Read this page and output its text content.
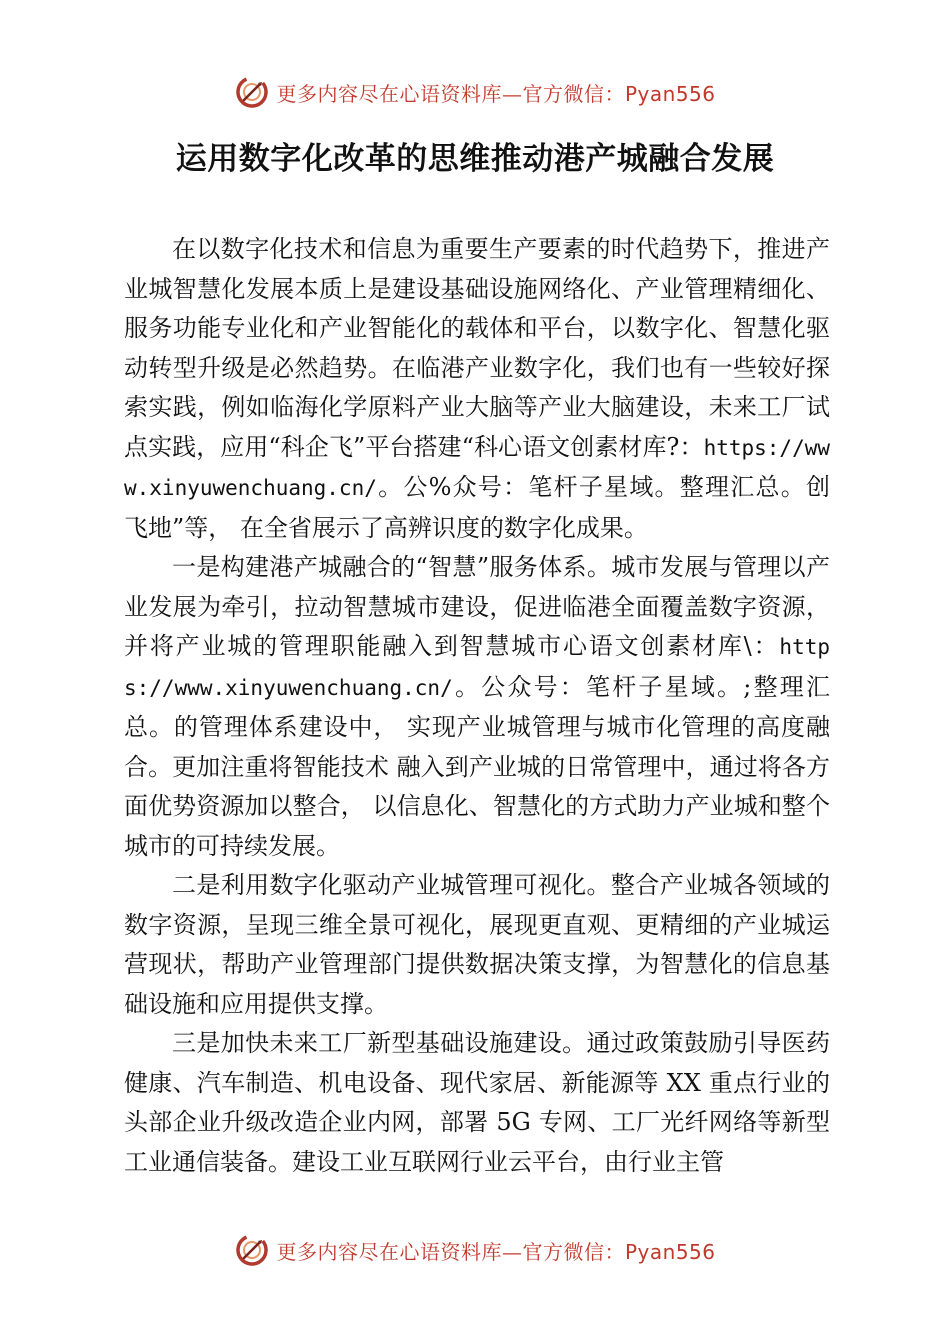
更多内容尽在心语资料库—官方微信：Pyan556
运用数字化改革的思维推动港产城融合发展

在以数字化技术和信息为重要生产要素的时代趋势下，推进产业城智慧化发展本质上是建设基础设施网络化、产业管理精细化、服务功能专业化和产业智能化的载体和平台，以数字化、智慧化驱动转型升级是必然趋势。在临港产业数字化，我们也有一些较好探索实践，例如临海化学原料产业大脑等产业大脑建设，未来工厂试点实践，应用“科企飞”平台搭建“科心语文创素材库?：https://www.xinyuwenchuang.cn/。公%众号：笔杆子星域。整理汇总。创飞地”等， 在全省展示了高辨识度的数字化成果。

一是构建港产城融合的“智慧”服务体系。城市发展与管理以产业发展为牵引，拉动智慧城市建设，促进临港全面覆盖数字资源，并将产业城的管理职能融入到智慧城市心语文创素材库\：https://www.xinyuwenchuang.cn/。公众号：笔杆子星域。;整理汇总。的管理体系建设中， 实现产业城管理与城市化管理的高度融合。更加注重将智能技术 融入到产业城的日常管理中，通过将各方面优势资源加以整合， 以信息化、智慧化的方式助力产业城和整个城市的可持续发展。

二是利用数字化驱动产业城管理可视化。整合产业城各领域的数字资源，呈现三维全景可视化，展现更直观、更精细的产业城运营现状，帮助产业管理部门提供数据决策支撑，为智慧化的信息基础设施和应用提供支撑。

三是加快未来工厂新型基础设施建设。通过政策鼓励引导医药健康、汽车制造、机电设备、现代家居、新能源等 XX 重点行业的头部企业升级改造企业内网，部署 5G 专网、工厂光纤网络等新型工业通信装备。建设工业互联网行业云平台，由行业主管

更多内容尽在心语资料库—官方微信：Pyan556
